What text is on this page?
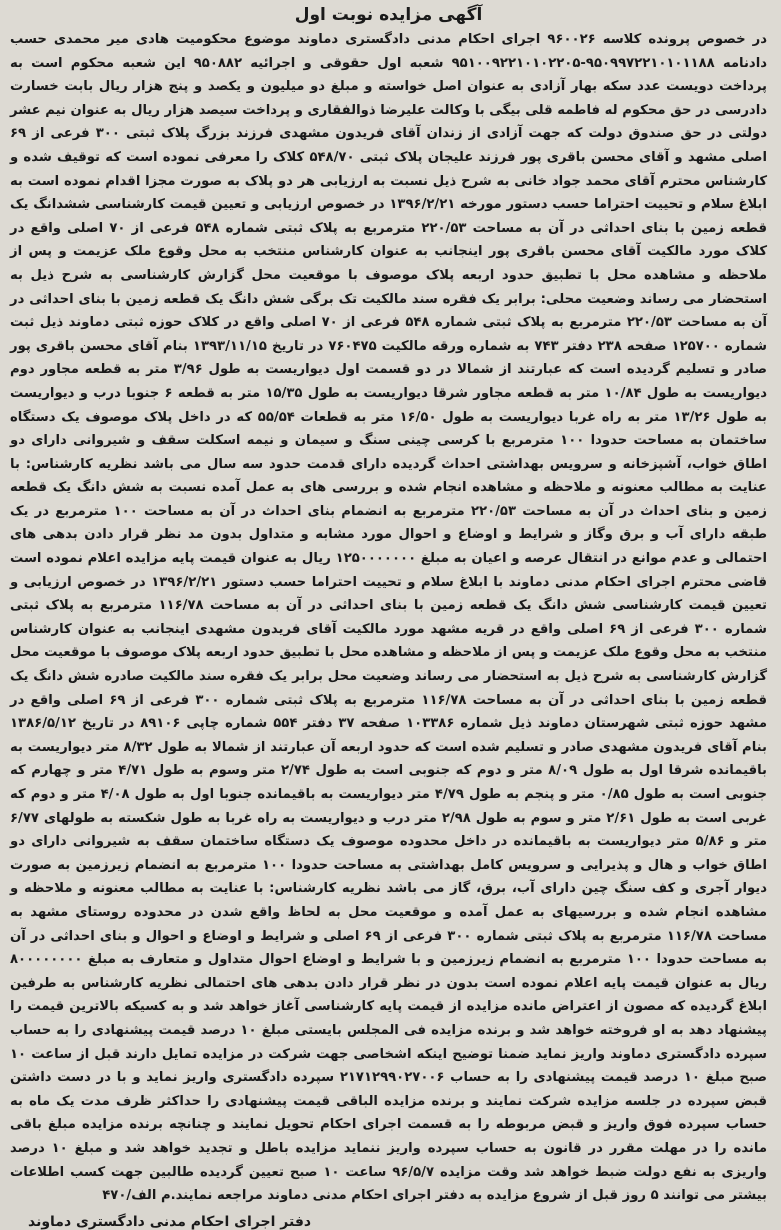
آگهی مزایده نوبت اول

در خصوص پرونده کلاسه ۹۶۰۰۲۶ اجرای احکام مدنی دادگستری دماوند موضوع محکومیت هادی میر محمدی حسب دادنامه ۹۵۰۹۹۷۲۲۱۰۱۰۱۱۸۸-۹۵۱۰۰۹۲۲۱۰۱۰۲۲۰۵ شعبه اول حقوقی و اجرائیه ۹۵۰۸۸۲ این شعبه محکوم است به پرداخت دویست عدد سکه بهار آزادی به عنوان اصل خواسته و مبلغ دو میلیون و یکصد و پنج هزار ریال بابت خسارت دادرسی در حق محکوم له فاطمه قلی بیگی با وکالت علیرضا ذوالفقاری و پرداخت سیصد هزار ریال به عنوان نیم عشر دولتی در حق صندوق دولت که جهت آزادی از زندان آقای فریدون مشهدی فرزند بزرگ پلاک ثبتی ۳۰۰ فرعی از ۶۹ اصلی مشهد و آقای محسن باقری پور فرزند علیجان پلاک ثبتی ۵۴۸/۷۰ کلاک را معرفی نموده است که توقیف شده و کارشناس محترم آقای محمد جواد خانی به شرح ذیل نسبت به ارزیابی هر دو پلاک به صورت مجزا اقدام نموده است به ابلاغ سلام و تحییت احتراما حسب دستور مورخه ۱۳۹۶/۲/۲۱ در خصوص ارزیابی و تعیین قیمت کارشناسی ششدانگ یک قطعه زمین با بنای احداثی در آن به مساحت ۲۲۰/۵۳ مترمربع به پلاک ثبتی شماره ۵۴۸ فرعی از ۷۰ اصلی واقع در کلاک مورد مالکیت آقای محسن باقری پور اینجانب به عنوان کارشناس منتخب به محل وقوع ملک عزیمت و پس از ملاحظه و مشاهده محل با تطبیق حدود اربعه پلاک موصوف با موقعیت محل گزارش کارشناسی به شرح ذیل به استحضار می رساند وضعیت محلی: برابر یک فقره سند مالکیت تک برگی شش دانگ یک قطعه زمین با بنای احداثی در آن به مساحت ۲۲۰/۵۳ مترمربع به پلاک ثبتی شماره ۵۴۸ فرعی از ۷۰ اصلی واقع در کلاک حوزه ثبتی دماوند ذیل ثبت شماره ۱۲۵۷۰۰ صفحه ۲۳۸ دفتر ۷۴۳ به شماره ورقه مالکیت ۷۶۰۴۷۵ در تاریخ ۱۳۹۳/۱۱/۱۵ بنام آقای محسن باقری پور صادر و تسلیم گردیده است که عبارتند از شمالا در دو قسمت اول دیواریست به طول ۳/۹۶ متر به قطعه مجاور دوم دیواریست به طول ۱۰/۸۴ متر به قطعه مجاور شرقا دیواریست به طول ۱۵/۳۵ متر به قطعه ۶ جنوبا درب و دیواریست به طول ۱۳/۲۶ متر به راه غربا دیواریست به طول ۱۶/۵۰ متر به قطعات ۵۵/۵۴ که در داخل پلاک موصوف یک دستگاه ساختمان به مساحت حدودا ۱۰۰ مترمربع با کرسی چینی سنگ و سیمان و نیمه اسکلت سقف و شیروانی دارای دو اطاق خواب، آشپزخانه و سرویس بهداشتی احداث گردیده دارای قدمت حدود سه سال می باشد نظریه کارشناس: با عنایت به مطالب معنونه و ملاحظه و مشاهده انجام شده و بررسی های به عمل آمده نسبت به شش دانگ یک قطعه زمین و بنای احداث در آن به مساحت ۲۲۰/۵۳ مترمربع به انضمام بنای احداث در آن به مساحت ۱۰۰ مترمربع در یک طبقه دارای آب و برق وگاز و شرایط و اوضاع و احوال مورد مشابه و متداول بدون مد نظر قرار دادن بدهی های احتمالی و عدم موانع در انتقال عرصه و اعیان به مبلغ ۱۲۵۰۰۰۰۰۰۰ ریال به عنوان قیمت پایه مزایده اعلام نموده است قاضی محترم اجرای احکام مدنی دماوند با ابلاغ سلام و تحییت احتراما حسب دستور ۱۳۹۶/۲/۲۱ در خصوص ارزیابی و تعیین قیمت کارشناسی شش دانگ یک قطعه زمین با بنای احداثی در آن به مساحت ۱۱۶/۷۸ مترمربع به پلاک ثبتی شماره ۳۰۰ فرعی از ۶۹ اصلی واقع در قریه مشهد مورد مالکیت آقای فریدون مشهدی اینجانب به عنوان کارشناس منتخب به محل وقوع ملک عزیمت و پس از ملاحظه و مشاهده محل با تطبیق حدود اربعه پلاک موصوف با موقعیت محل گزارش کارشناسی به شرح ذیل به استحضار می رساند وضعیت محل برابر یک فقره سند مالکیت صادره شش دانگ یک قطعه زمین با بنای احداثی در آن به مساحت ۱۱۶/۷۸ مترمربع به پلاک ثبتی شماره ۳۰۰ فرعی از ۶۹ اصلی واقع در مشهد حوزه ثبتی شهرستان دماوند ذیل شماره ۱۰۳۳۸۶ صفحه ۳۷ دفتر ۵۵۴ شماره چاپی ۸۹۱۰۶ در تاریخ ۱۳۸۶/۵/۱۲ بنام آقای فریدون مشهدی صادر و تسلیم شده است که حدود اربعه آن عبارتند از شمالا به طول ۸/۳۲ متر دیواریست به باقیمانده شرقا اول به طول ۸/۰۹ متر و دوم که جنوبی است به طول ۲/۷۴ متر وسوم به طول ۴/۷۱ متر و چهارم که جنوبی است به طول ۰/۸۵ متر و پنجم به طول ۴/۷۹ متر دیواریست به باقیمانده جنوبا اول به طول ۴/۰۸ متر و دوم که غربی است به طول ۲/۶۱ متر و سوم به طول ۲/۹۸ متر درب و دیواریست به راه غربا به طول شکسته به طولهای ۶/۷۷ متر و ۵/۸۶ متر دیواریست به باقیمانده در داخل محدوده موصوف یک دستگاه ساختمان سقف به شیروانی دارای دو اطاق خواب و هال و پذیرایی و سرویس کامل بهداشتی به مساحت حدودا ۱۰۰ مترمربع به انضمام زیرزمین به صورت دیوار آجری و کف سنگ چین دارای آب، برق، گاز می باشد نظریه کارشناس: با عنایت به مطالب معنونه و ملاحظه و مشاهده انجام شده و بررسیهای به عمل آمده و موقعیت محل به لحاظ واقع شدن در محدوده روستای مشهد به مساحت ۱۱۶/۷۸ مترمربع به پلاک ثبتی شماره ۳۰۰ فرعی از ۶۹ اصلی و شرایط و اوضاع و احوال و بنای احداثی در آن به مساحت حدودا ۱۰۰ مترمربع به انضمام زیرزمین و با شرایط و اوضاع احوال متداول و متعارف به مبلغ ۸۰۰۰۰۰۰۰۰ ریال به عنوان قیمت پایه اعلام نموده است بدون در نظر قرار دادن بدهی های احتمالی نظریه کارشناس به طرفین ابلاغ گردیده که مصون از اعتراض مانده مزایده از قیمت پایه کارشناسی آغاز خواهد شد و به کسیکه بالاترین قیمت را پیشنهاد دهد به او فروخته خواهد شد و برنده مزایده فی المجلس بایستی مبلغ ۱۰ درصد قیمت پیشنهادی را به حساب سپرده دادگستری دماوند واریز نماید ضمنا توضیح اینکه اشخاصی جهت شرکت در مزایده تمایل دارند قبل از ساعت ۱۰ صبح مبلغ ۱۰ درصد قیمت پیشنهادی را به حساب ۲۱۷۱۲۹۹۰۲۷۰۰۶ سپرده دادگستری واریز نماید و با در دست داشتن قبض سپرده در جلسه مزایده شرکت نمایند و برنده مزایده الباقی قیمت پیشنهادی را حداکثر ظرف مدت یک ماه به حساب سپرده فوق واریز و قبض مربوطه را به قسمت اجرای احکام تحویل نمایند و چنانچه برنده مزایده مبلغ باقی مانده را در مهلت مقرر در قانون به حساب سپرده واریز ننماید مزایده باطل و تجدید خواهد شد و مبلغ ۱۰ درصد واریزی به نفع دولت ضبط خواهد شد وقت مزایده ۹۶/۵/۷ ساعت ۱۰ صبح تعیین گردیده طالبین جهت کسب اطلاعات بیشتر می توانند ۵ روز قبل از شروع مزایده به دفتر اجرای احکام مدنی دماوند مراجعه نمایند.م الف/۴۷۰

دفتر اجرای احکام مدنی دادگستری دماوند
